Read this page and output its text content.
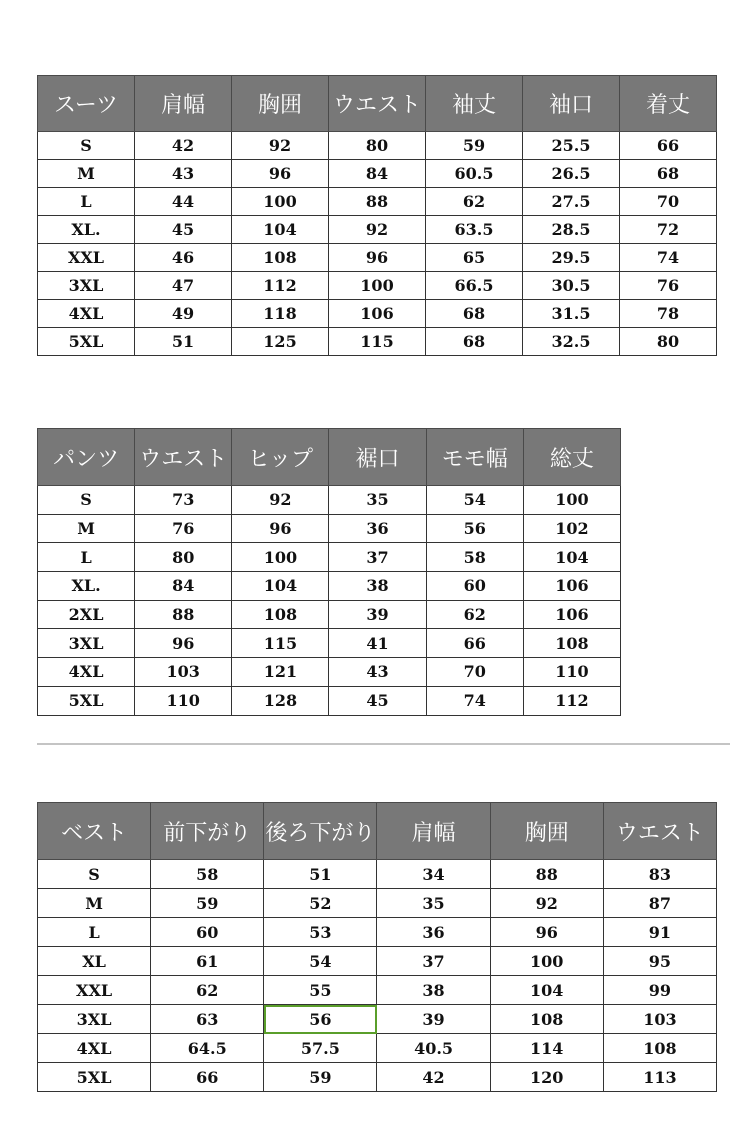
スーツ	肩幅	胸囲	ウエスト	袖丈	袖口	着丈
S	42	92	80	59	25.5	66
M	43	96	84	60.5	26.5	68
L	44	100	88	62	27.5	70
XL.	45	104	92	63.5	28.5	72
XXL	46	108	96	65	29.5	74
3XL	47	112	100	66.5	30.5	76
4XL	49	118	106	68	31.5	78
5XL	51	125	115	68	32.5	80
パンツ	ウエスト	ヒップ	裾口	モモ幅	総丈
S	73	92	35	54	100
M	76	96	36	56	102
L	80	100	37	58	104
XL.	84	104	38	60	106
2XL	88	108	39	62	106
3XL	96	115	41	66	108
4XL	103	121	43	70	110
5XL	110	128	45	74	112
ベスト	前下がり	後ろ下がり	肩幅	胸囲	ウエスト
S	58	51	34	88	83
M	59	52	35	92	87
L	60	53	36	96	91
XL	61	54	37	100	95
XXL	62	55	38	104	99
3XL	63	56	39	108	103
4XL	64.5	57.5	40.5	114	108
5XL	66	59	42	120	113
